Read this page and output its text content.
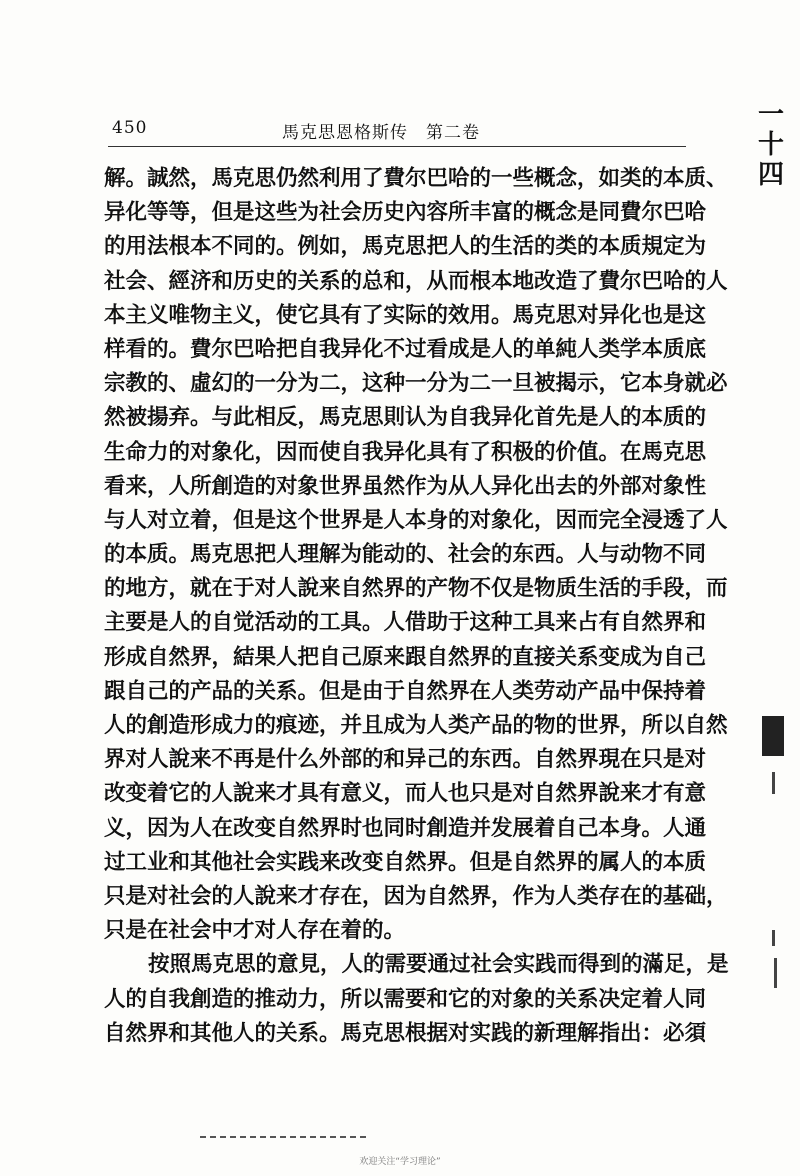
450	馬克思恩格斯传　第二卷
一
十
四
解。誠然，馬克思仍然利用了費尔巴哈的一些概念，如类的本质、
异化等等，但是这些为社会历史內容所丰富的概念是同費尔巴哈
的用法根本不同的。例如，馬克思把人的生活的类的本质規定为
社会、經济和历史的关系的总和，从而根本地改造了費尔巴哈的人
本主义唯物主义，使它具有了实际的效用。馬克思对异化也是这
样看的。費尔巴哈把自我异化不过看成是人的单純人类学本质底
宗教的、虛幻的一分为二，这种一分为二一旦被揭示，它本身就必
然被揚弃。与此相反，馬克思則认为自我异化首先是人的本质的
生命力的对象化，因而使自我异化具有了积极的价值。在馬克思
看来，人所創造的对象世界虽然作为从人异化出去的外部对象性
与人对立着，但是这个世界是人本身的对象化，因而完全浸透了人
的本质。馬克思把人理解为能动的、社会的东西。人与动物不同
的地方，就在于对人說来自然界的产物不仅是物质生活的手段，而
主要是人的自觉活动的工具。人借助于这种工具来占有自然界和
形成自然界，結果人把自己原来跟自然界的直接关系变成为自己
跟自己的产品的关系。但是由于自然界在人类劳动产品中保持着
人的創造形成力的痕迹，并且成为人类产品的物的世界，所以自然
界对人說来不再是什么外部的和异己的东西。自然界現在只是对
改变着它的人說来才具有意义，而人也只是对自然界說来才有意
义，因为人在改变自然界时也同时創造并发展着自己本身。人通
过工业和其他社会实践来改变自然界。但是自然界的属人的本质
只是对社会的人說来才存在，因为自然界，作为人类存在的基础，
只是在社会中才对人存在着的。
按照馬克思的意見，人的需要通过社会实践而得到的滿足，是
人的自我創造的推动力，所以需要和它的对象的关系决定着人同
自然界和其他人的关系。馬克思根据对实践的新理解指出：必須
欢迎关注“学习理论”
